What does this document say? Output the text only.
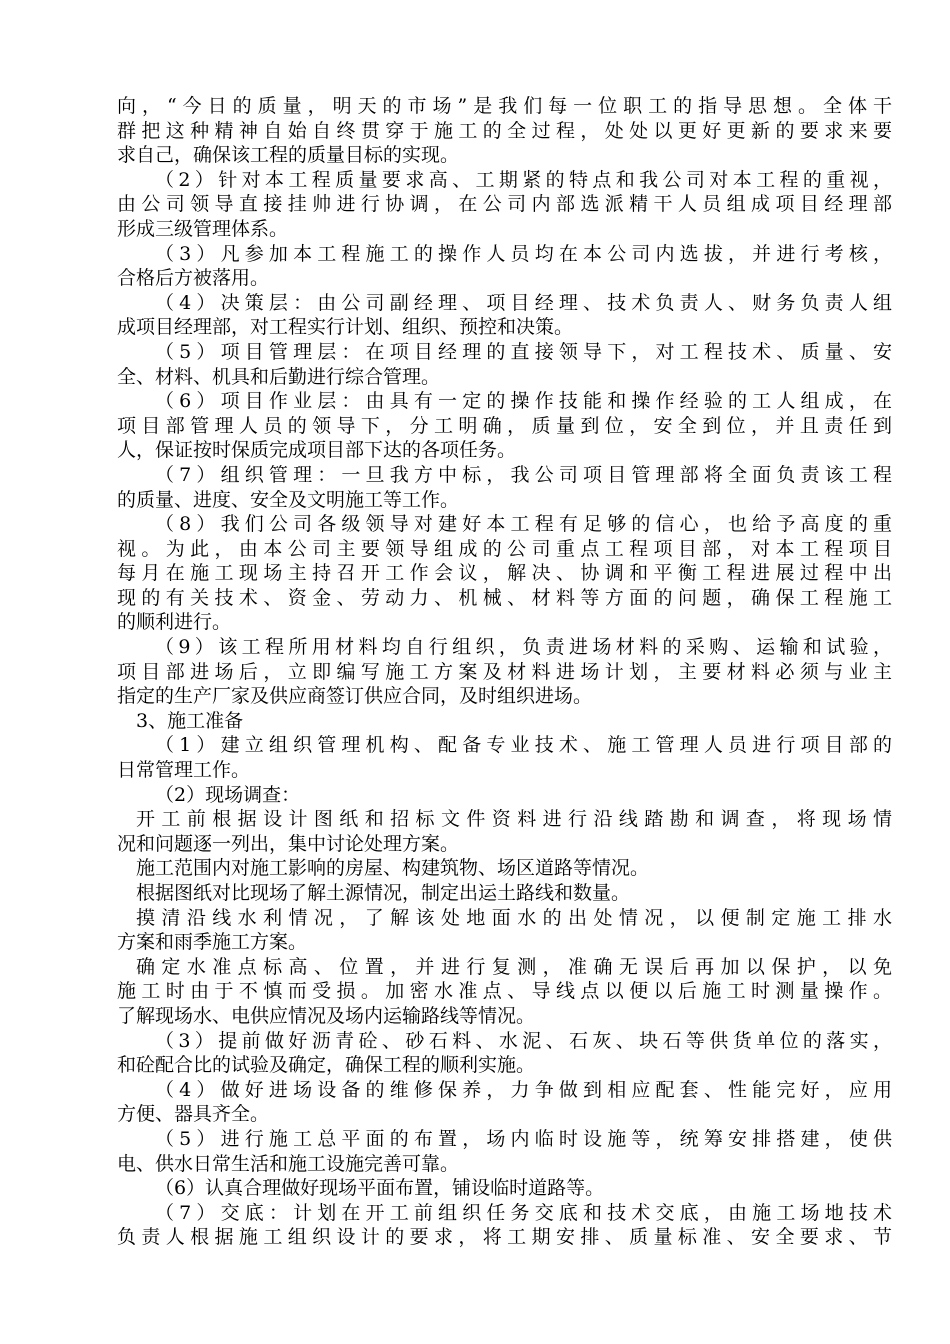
向，“今日的质量，明天的市场”是我们每一位职工的指导思想。全体干
群把这种精神自始自终贯穿于施工的全过程，处处以更好更新的要求来要
求自己，确保该工程的质量目标的实现。
（2）针对本工程质量要求高、工期紧的特点和我公司对本工程的重视，
由公司领导直接挂帅进行协调，在公司内部选派精干人员组成项目经理部
形成三级管理体系。
（3）凡参加本工程施工的操作人员均在本公司内选拔，并进行考核，
合格后方被落用。
（4）决策层：由公司副经理、项目经理、技术负责人、财务负责人组
成项目经理部，对工程实行计划、组织、预控和决策。
（5）项目管理层：在项目经理的直接领导下，对工程技术、质量、安
全、材料、机具和后勤进行综合管理。
（6）项目作业层：由具有一定的操作技能和操作经验的工人组成，在
项目部管理人员的领导下，分工明确，质量到位，安全到位，并且责任到
人，保证按时保质完成项目部下达的各项任务。
（7）组织管理：一旦我方中标，我公司项目管理部将全面负责该工程
的质量、进度、安全及文明施工等工作。
（8）我们公司各级领导对建好本工程有足够的信心，也给予高度的重
视。为此，由本公司主要领导组成的公司重点工程项目部，对本工程项目
每月在施工现场主持召开工作会议，解决、协调和平衡工程进展过程中出
现的有关技术、资金、劳动力、机械、材料等方面的问题，确保工程施工
的顺利进行。
（9）该工程所用材料均自行组织，负责进场材料的采购、运输和试验，
项目部进场后，立即编写施工方案及材料进场计划，主要材料必须与业主
指定的生产厂家及供应商签订供应合同，及时组织进场。
3、施工准备
（1）建立组织管理机构、配备专业技术、施工管理人员进行项目部的
日常管理工作。
（2）现场调查：
开工前根据设计图纸和招标文件资料进行沿线踏勘和调查，将现场情
况和问题逐一列出，集中讨论处理方案。
施工范围内对施工影响的房屋、构建筑物、场区道路等情况。
根据图纸对比现场了解土源情况，制定出运土路线和数量。
摸清沿线水利情况，了解该处地面水的出处情况，以便制定施工排水
方案和雨季施工方案。
确定水准点标高、位置，并进行复测，准确无误后再加以保护，以免
施工时由于不慎而受损。加密水准点、导线点以便以后施工时测量操作。
了解现场水、电供应情况及场内运输路线等情况。
（3）提前做好沥青砼、砂石料、水泥、石灰、块石等供货单位的落实，
和砼配合比的试验及确定，确保工程的顺利实施。
（4）做好进场设备的维修保养，力争做到相应配套、性能完好，应用
方便、器具齐全。
（5）进行施工总平面的布置，场内临时设施等，统筹安排搭建，使供
电、供水日常生活和施工设施完善可靠。
（6）认真合理做好现场平面布置，铺设临时道路等。
（7）交底：计划在开工前组织任务交底和技术交底，由施工场地技术
负责人根据施工组织设计的要求，将工期安排、质量标准、安全要求、节
